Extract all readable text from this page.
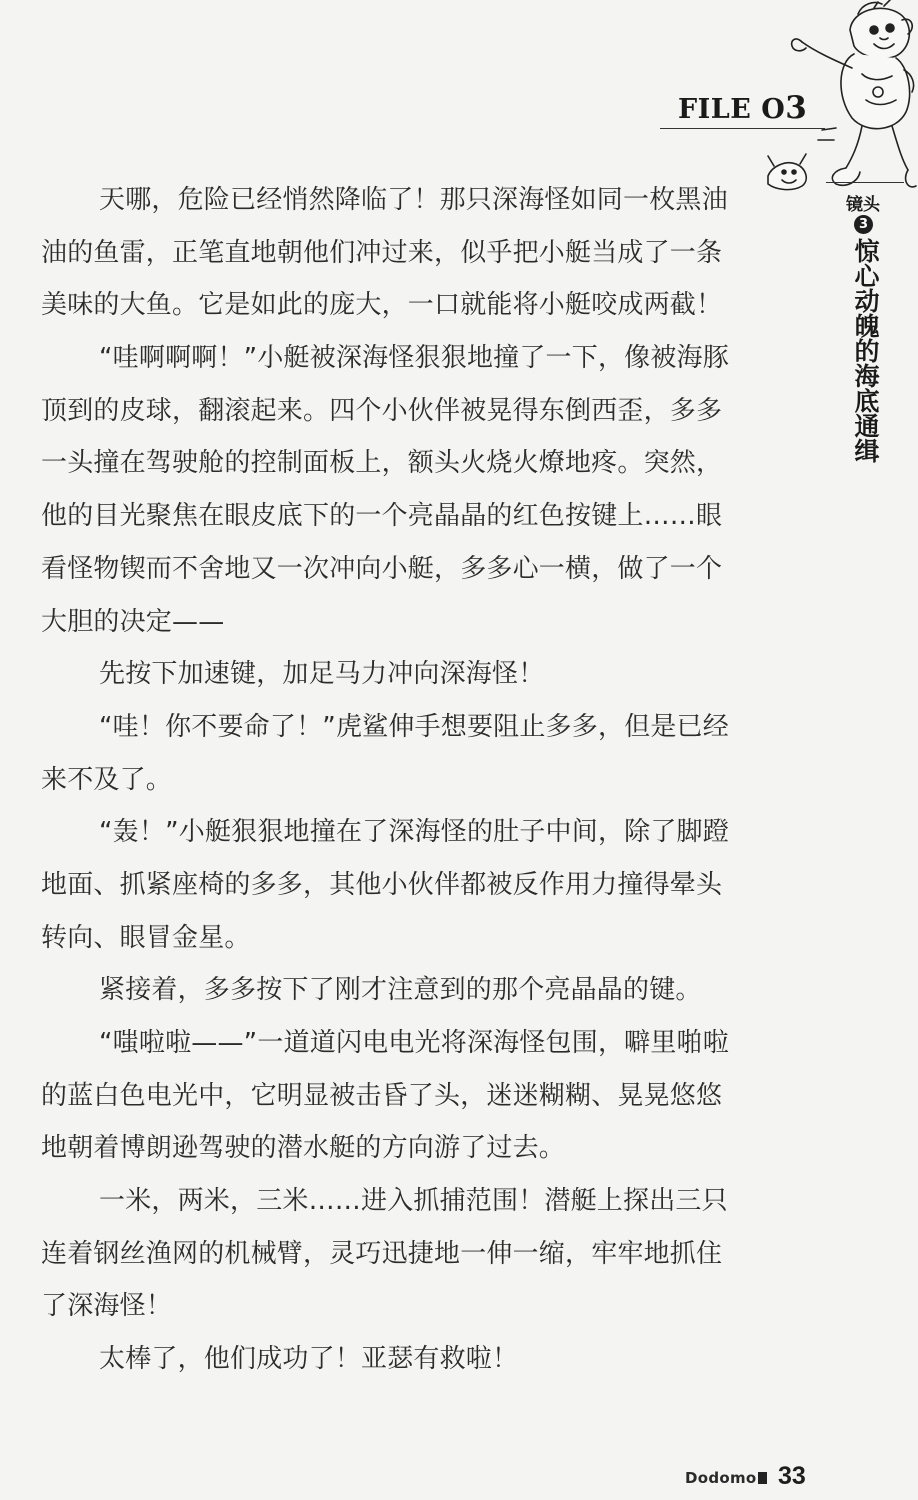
FILE O3
镜头
3
惊心动魄的海底通缉
天哪，危险已经悄然降临了！那只深海怪如同一枚黑油
油的鱼雷，正笔直地朝他们冲过来，似乎把小艇当成了一条
美味的大鱼。它是如此的庞大，一口就能将小艇咬成两截！
“哇啊啊啊！”小艇被深海怪狠狠地撞了一下，像被海豚
顶到的皮球，翻滚起来。四个小伙伴被晃得东倒西歪，多多
一头撞在驾驶舱的控制面板上，额头火烧火燎地疼。突然，
他的目光聚焦在眼皮底下的一个亮晶晶的红色按键上……眼
看怪物锲而不舍地又一次冲向小艇，多多心一横，做了一个
大胆的决定——
先按下加速键，加足马力冲向深海怪！
“哇！你不要命了！”虎鲨伸手想要阻止多多，但是已经
来不及了。
“轰！”小艇狠狠地撞在了深海怪的肚子中间，除了脚蹬
地面、抓紧座椅的多多，其他小伙伴都被反作用力撞得晕头
转向、眼冒金星。
紧接着，多多按下了刚才注意到的那个亮晶晶的键。
“嗤啦啦——”一道道闪电电光将深海怪包围，噼里啪啦
的蓝白色电光中，它明显被击昏了头，迷迷糊糊、晃晃悠悠
地朝着博朗逊驾驶的潜水艇的方向游了过去。
一米，两米，三米……进入抓捕范围！潜艇上探出三只
连着钢丝渔网的机械臂，灵巧迅捷地一伸一缩，牢牢地抓住
了深海怪！
太棒了，他们成功了！亚瑟有救啦！
Dodomo 33
